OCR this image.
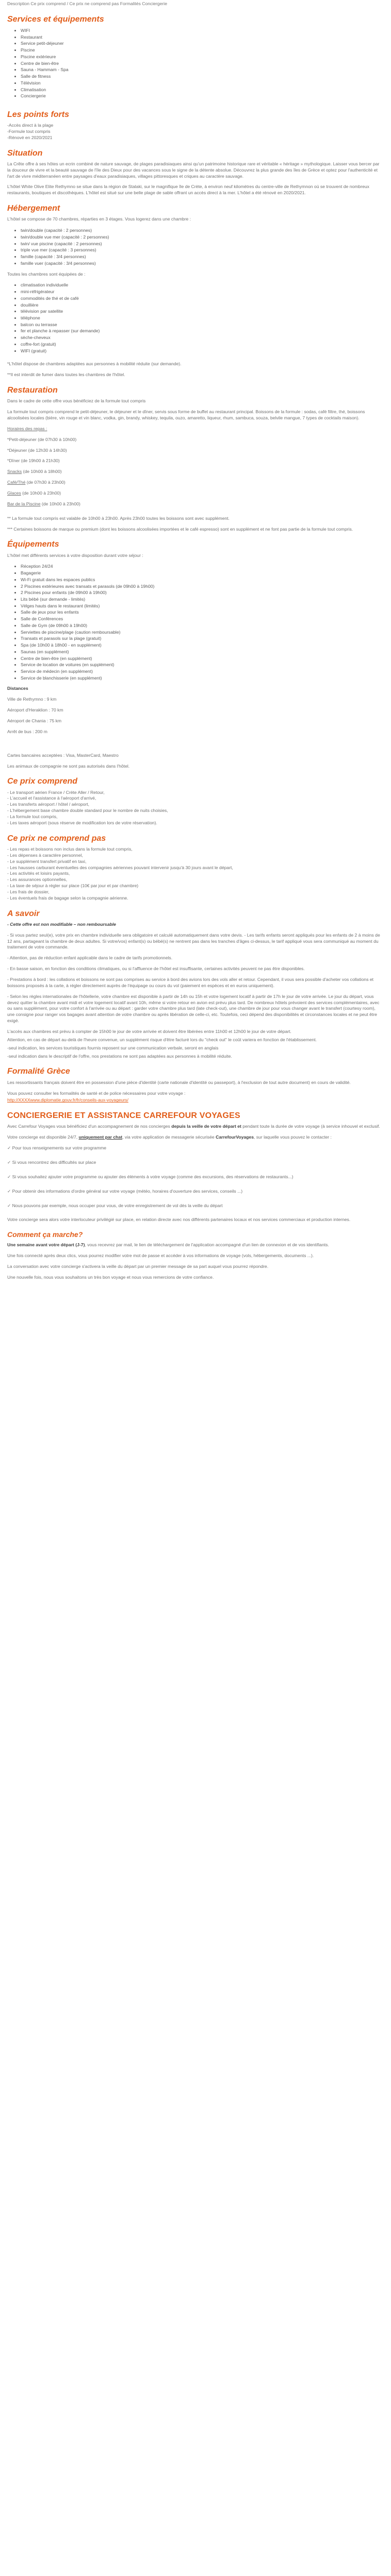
Description Ce prix comprend / Ce prix ne comprend pas Formalités Conciergerie

Services et équipements
• WIFI
• Restaurant
• Service petit-déjeuner
• Piscine
• Piscine extérieure
• Centre de bien-être
• Sauna - Hammam - Spa
• Salle de fitness
• Télévision
• Climatisation
• Conciergerie
Les points forts
-Accès direct à la plage
-Formule tout compris
-Rénové en 2020/2021
Situation

La Crête offre à ses hôtes un ecrin combiné de nature sauvage, de plages paradisiaques ainsi qu'un patrimoine historique rare et véritable « héritage » mythologique. Laisser vous bercer par la douceur de vivre et la beauté sauvage de l'île des Dieux pour des vacances sous le signe de la détente absolue. Découvrez la plus grande des îles de Grèce et optez pour l'authenticité et l'art de vivre méditerranéen entre paysages d'eaux paradisiaques, villages pittoresques et criques au caractère sauvage.

L'hôtel White Olive Elite Rethymno se situe dans la région de Stalaki, sur le magnifique île de Crète, à environ neuf kilomètres du centre-ville de Rethymnon où se trouvent de nombreux restaurants, boutiques et discothèques. L'hôtel est situé sur une belle plage de sable offrant un accès direct à la mer. L'hôtel a été rénové en 2020/2021.

Hébergement

L'hôtel se compose de 70 chambres, réparties en 3 étages. Vous logerez dans une chambre :

• twin/double (capacité : 2 personnes)
• twin/double vue mer (capacité : 2 personnes)
• twin/ vue piscine (capacité : 2 personnes)
• triple vue mer (capacité : 3 personnes)
• famille (capacité : 3/4 personnes)
• famille vuer (capacité : 3/4 personnes)

Toutes les chambres sont équipées de :

• climatisation individuelle
• mini-réfrigérateur
• commodités de thé et de café
• douillière
• télévision par satellite
• téléphone
• balcon ou terrasse
• fer et planche à repasser (sur demande)
• sèche-cheveux
• coffre-fort (gratuit)
• WIFI (gratuit)

*L'hôtel dispose de chambres adaptées aux personnes à mobilité réduite (sur demande).

**Il est interdit de fumer dans toutes les chambres de l'hôtel.

Restauration

Dans le cadre de cette offre vous bénéficiez de la formule tout compris

La formule tout compris comprend le petit-déjeuner, le déjeuner et le dîner, servis sous forme de buffet au restaurant principal. Boissons de la formule : sodas, café filtre, thé, boissons alcoolisées locales (bière, vin rouge et vin blanc, vodka, gin, brandy, whiskey, tequila, ouzo, amaretto, liqueur, rhum, sambuca, souza, belvile mangue, 7 types de cocktails maison).

Horaires des repas :

*Petit-déjeuner (de 07h30 à 10h00)

*Déjeuner (de 12h30 à 14h30)

*Dîner (de 19h00 à 21h30)

Snacks (de 10h00 à 18h00)

Café/Thé (de 07h30 à 23h00)

Glaces (de 10h00 à 23h00)

Bar de la Piscine (de 10h00 à 23h00)

** La formule tout compris est valable de 10h00 à 23h00. Après 23h00 toutes les boissons sont avec supplément.

*** Certaines boissons de marque ou premium (dont les boissons alcoolisées importées et le café espresso) sont en supplément et ne font pas partie de la formule tout compris.

Équipements

L'hôtel met différents services à votre disposition durant votre séjour :

• Réception 24/24
• Bagagerie
• Wi-Fi gratuit dans les espaces publics
• 2 Piscines extérieures avec transats et parasols (de 09h00 à 19h00)
• 2 Piscines pour enfants (de 09h00 à 19h00)
• Lits bébé (sur demande - limités)
• Vélges hauts dans le restaurant (limités)
• Salle de jeux pour les enfants
• Salle de Conférences
• Salle de Gym (de 09h00 à 19h00)
• Serviettes de piscine/plage (caution remboursable)
• Transats et parasols sur la plage (gratuit)
• Spa (de 10h00 à 18h00 - en supplément)
• Saunas (en supplément)
• Centre de bien-être (en supplément)
• Service de location de voitures (en supplément)
• Service de médecin (en supplément)
• Service de blanchisserie (en supplément)

Distances

Ville de Rethymno : 9 km

Aéroport d'Heraklion : 70 km

Aéroport de Chania : 75 km

Arrêt de bus : 200 m

Cartes bancaires acceptées : Visa, MasterCard, Maestro

Les animaux de compagnie ne sont pas autorisés dans l'hôtel.

Ce prix comprend
- Le transport aérien France / Crète Aller / Retour,
- L'accueil et l'assistance à l'aéroport d'arrivé,
- Les transferts aéroport / hôtel / aéroport,
- L'hébergement base chambre double standard pour le nombre de nuits choisies,
- La formule tout compris,
- Les taxes aéroport (sous réserve de modification lors de votre réservation).
Ce prix ne comprend pas
- Les repas et boissons non inclus dans la formule tout compris,
- Les dépenses à caractère personnel,
- Le supplément transfert privatif en taxi,
- Les hausses carburant éventuelles des compagnies aériennes pouvant intervenir jusqu'à 30 jours avant le départ,
- Les activités et loisirs payants,
- Les assurances optionnelles,
- La taxe de séjour à régler sur place (10€ par jour et par chambre)
- Les frais de dossier,
- Les éventuels frais de bagage selon la compagnie aérienne.
A savoir

- Cette offre est non modifiable – non remboursable

- Si vous partez seul(e), votre prix en chambre individuelle sera obligatoire et calculé automatiquement dans votre devis. - Les tarifs enfants seront appliqués pour les enfants de 2 à moins de 12 ans, partageant la chambre de deux adultes. Si votre/vos) enfant(s) ou bébé(s) ne rentrent pas dans les tranches d'âges ci-dessus, le tarif appliqué vous sera communiqué au moment du traitement de votre commande.

- Attention, pas de réduction enfant applicable dans le cadre de tarifs promotionnels.

- En basse saison, en fonction des conditions climatiques, ou si l'affluence de l'hôtel est insuffisante, certaines activités peuvent ne pas être disponibles.

- Prestations à bord : les collations et boissons ne sont pas comprises au service à bord des avions lors des vols aller et retour. Cependant, il vous sera possible d'acheter vos collations et boissons proposés à la carte, à régler directement auprès de l'équipage ou cours du vol (paiement en espèces et en euros uniquement).

- Selon les règles internationales de l'hôtellerie, votre chambre est disponible à partir de 14h ou 15h et votre logement locatif à partir de 17h le jour de votre arrivée. Le jour du départ, vous devez quitter la chambre avant midi et votre logement locatif avant 10h, même si votre retour en avion est prévu plus tard. De nombreux hôtels prévoient des services complémentaires, avec ou sans supplément, pour votre confort à l'arrivée ou au départ : garder votre chambre plus tard (late check-out), une chambre de jour pour vous changer avant le transfert (courtesy room), une consigne pour ranger vos bagages avant attention de votre chambre ou après libération de celle-ci, etc. Toutefois, ceci dépend des disponibilités et circonstances locales et ne peut être exigé.

L'accès aux chambres est prévu à compter de 15h00 le jour de votre arrivée et doivent être libérées entre 11h00 et 12h00 le jour de votre départ.

Attention, en cas de départ au-delà de l'heure convenue, un supplément risque d'être facturé lors du "check out" le coût variera en fonction de l'établissement.

-seul indication, les services touristiques fournis reposent sur une communication verbale, seront en anglais

-seul indication dans le descriptif de l'offre, nos prestations ne sont pas adaptées aux personnes à mobilité réduite.

Formalité Grèce

Les ressortissants français doivent être en possession d'une pièce d'identité (carte nationale d'identité ou passeport), à l'exclusion de tout autre document) en cours de validité.

Vous pouvez consulter les formalités de santé et de police nécessaires pour votre voyage :

http://XXXXwww.diplomatie.gouv.fr/fr/conseils-aux-voyageurs/

CONCIERGERIE ET ASSISTANCE CARREFOUR VOYAGES

Avec Carrefour Voyages vous bénéficiez d'un accompagnement de nos concierges depuis la veille de votre départ et pendant toute la durée de votre voyage (à service inhouvel et exclusif.

Votre concierge est disponible 24/7, uniquement par chat, via votre application de messagerie sécurisée CarrefourVoyages, sur laquelle vous pouvez le contacter :

✓ Pour tous renseignements sur votre programme

✓ Si vous rencontrez des difficultés sur place

✓ Si vous souhaitez ajouter votre programme ou ajouter des éléments à votre voyage (comme des excursions, des réservations de restaurants...)

✓ Pour obtenir des informations d'ordre général sur votre voyage (météo, horaires d'ouverture des services, conseils ...)

✓ Nous pouvons par exemple, nous occuper pour vous, de votre enregistrement de vol dès la veille du départ

Votre concierge sera alors votre interlocuteur privilégié sur place, en relation directe avec nos différents partenaires locaux et nos services commerciaux et production internes.

Comment ça marche?

Une semaine avant votre départ (J-7), vous recevrez par mail, le lien de téléchargement de l'application accompagné d'un lien de connexion et de vos identifiants.

Une fois connecté après deux clics, vous pourrez modifier votre mot de passe et accéder à vos informations de voyage (vols, hébergements, documents ...).

La conversation avec votre concierge s'activera la veille du départ par un premier message de sa part auquel vous pourrez répondre.

Une nouvelle fois, nous vous souhaitons un très bon voyage et nous vous remercions de votre confiance.
